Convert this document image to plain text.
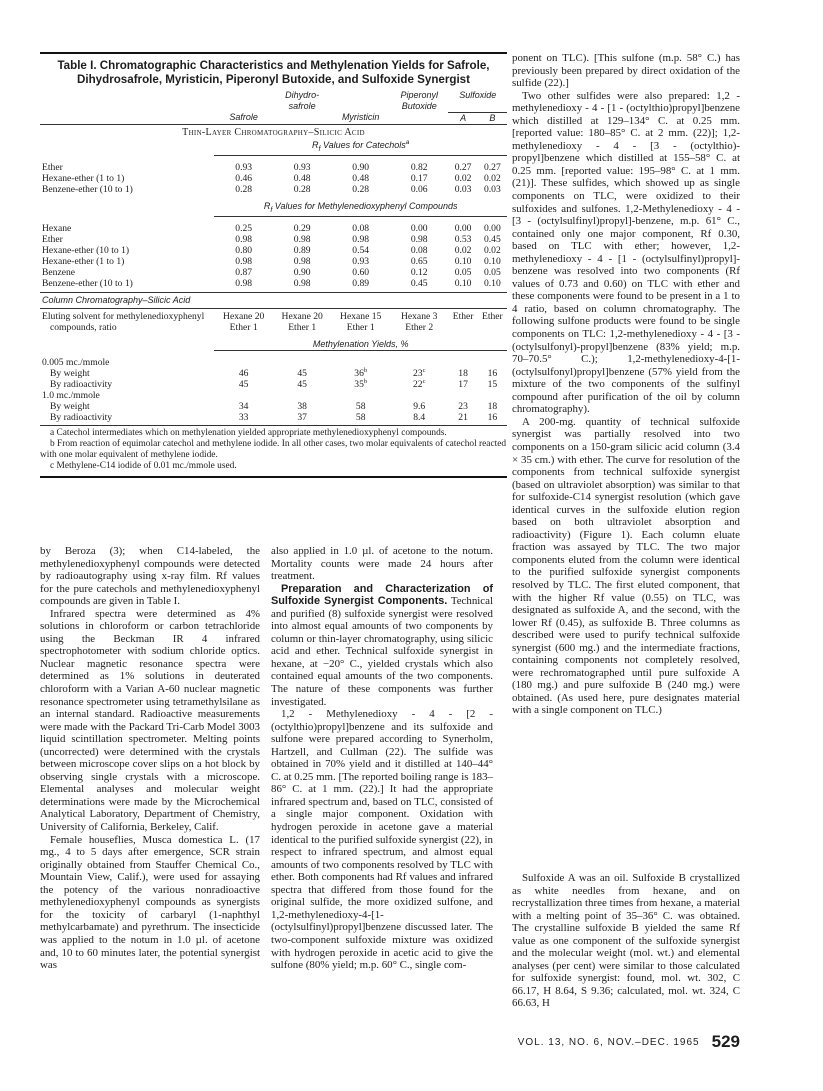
Table I. Chromatographic Characteristics and Methylenation Yields for Safrole, Dihydrosafrole, Myristicin, Piperonyl Butoxide, and Sulfoxide Synergist
		Dihydro- safrole		Piperonyl Butoxide	Sulfoxide	
	Safrole		Myristicin		A	B
Thin-Layer Chromatography–Silicic Acid						
	$R_f$ Values for Catechols$^a$

Ether	0.93	0.93	0.90	0.82	0.27	0.27
Hexane-ether (1 to 1)	0.46	0.48	0.48	0.17	0.02	0.02
Benzene-ether (10 to 1)	0.28	0.28	0.28	0.06	0.03	0.03

	$R_f$ Values for Methylenedioxyphenyl Compounds					

Hexane	0.25	0.29	0.08	0.00	0.00	0.00
Ether	0.98	0.98	0.98	0.98	0.53	0.45
Hexane-ether (10 to 1)	0.80	0.89	0.54	0.08	0.02	0.02
Hexane-ether (1 to 1)	0.98	0.98	0.93	0.65	0.10	0.10
Benzene	0.87	0.90	0.60	0.12	0.05	0.05
Benzene-ether (10 to 1)	0.98	0.98	0.89	0.45	0.10	0.10

Column Chromatography–Silicic Acid						
Eluting solvent for methylenedioxyphenyl compounds, ratio	Hexane 20 Ether 1	Hexane 20 Ether 1	Hexane 15 Ether 1	Hexane 3 Ether 2	Ether	Ether

	Methylenation Yields, %					

0.005 mc./mmole						
By weight	46	45	36$^b$	23$^c$	18	16
By radioactivity	45	45	35$^b$	22$^c$	17	15
1.0 mc./mmole						
By weight	34	38	58	9.6	23	18
By radioactivity	33	37	58	8.4	21	16

a Catechol intermediates which on methylenation yielded appropriate methylenedioxyphenyl compounds.

b From reaction of equimolar catechol and methylene iodide. In all other cases, two molar equivalents of catechol reacted with one molar equivalent of methylene iodide.

c Methylene-C14 iodide of 0.01 mc./mmole used.

by Beroza (3); when C14-labeled, the methylenedioxyphenyl compounds were detected by radioautography using x-ray film. Rf values for the pure catechols and methylenedioxyphenyl compounds are given in Table I.

Infrared spectra were determined as 4% solutions in chloroform or carbon tetrachloride using the Beckman IR 4 infrared spectrophotometer with sodium chloride optics. Nuclear magnetic resonance spectra were determined as 1% solutions in deuterated chloroform with a Varian A-60 nuclear magnetic resonance spectrometer using tetramethylsilane as an internal standard. Radioactive measurements were made with the Packard Tri-Carb Model 3003 liquid scintillation spectrometer. Melting points (uncorrected) were determined with the crystals between microscope cover slips on a hot block by observing single crystals with a microscope. Elemental analyses and molecular weight determinations were made by the Microchemical Analytical Laboratory, Department of Chemistry, University of California, Berkeley, Calif.

Female houseflies, Musca domestica L. (17 mg., 4 to 5 days after emergence, SCR strain originally obtained from Stauffer Chemical Co., Mountain View, Calif.), were used for assaying the potency of the various nonradioactive methylenedioxyphenyl compounds as synergists for the toxicity of carbaryl (1-naphthyl methylcarbamate) and pyrethrum. The insecticide was applied to the notum in 1.0 µl. of acetone and, 10 to 60 minutes later, the potential synergist was

also applied in 1.0 µl. of acetone to the notum. Mortality counts were made 24 hours after treatment.

Preparation and Characterization of Sulfoxide Synergist Components. Technical and purified (8) sulfoxide synergist were resolved into almost equal amounts of two components by column or thin-layer chromatography, using silicic acid and ether. Technical sulfoxide synergist in hexane, at −20° C., yielded crystals which also contained equal amounts of the two components. The nature of these components was further investigated.

1,2 - Methylenedioxy - 4 - [2 - (octylthio)propyl]benzene and its sulfoxide and sulfone were prepared according to Synerholm, Hartzell, and Cullman (22). The sulfide was obtained in 70% yield and it distilled at 140–44° C. at 0.25 mm. [The reported boiling range is 183–86° C. at 1 mm. (22).] It had the appropriate infrared spectrum and, based on TLC, consisted of a single major component. Oxidation with hydrogen peroxide in acetone gave a material identical to the purified sulfoxide synergist (22), in respect to infrared spectrum, and almost equal amounts of two components resolved by TLC with ether. Both components had Rf values and infrared spectra that differed from those found for the original sulfide, the more oxidized sulfone, and 1,2-methylenedioxy-4-[1-(octylsulfinyl)propyl]benzene discussed later. The two-component sulfoxide mixture was oxidized with hydrogen peroxide in acetic acid to give the sulfone (80% yield; m.p. 60° C., single com-

ponent on TLC). [This sulfone (m.p. 58° C.) has previously been prepared by direct oxidation of the sulfide (22).]

Two other sulfides were also prepared: 1,2 - methylenedioxy - 4 - [1 - (octylthio)propyl]benzene which distilled at 129–134° C. at 0.25 mm. [reported value: 180–85° C. at 2 mm. (22)]; 1,2-methylenedioxy - 4 - [3 - (octylthio)-propyl]benzene which distilled at 155–58° C. at 0.25 mm. [reported value: 195–98° C. at 1 mm. (21)]. These sulfides, which showed up as single components on TLC, were oxidized to their sulfoxides and sulfones. 1,2-Methylenedioxy - 4 - [3 - (octylsulfinyl)propyl]-benzene, m.p. 61° C., contained only one major component, Rf 0.30, based on TLC with ether; however, 1,2-methylenedioxy - 4 - [1 - (octylsulfinyl)propyl]-benzene was resolved into two components (Rf values of 0.73 and 0.60) on TLC with ether and these components were found to be present in a 1 to 4 ratio, based on column chromatography. The following sulfone products were found to be single components on TLC: 1,2-methylenedioxy - 4 - [3 - (octylsulfonyl)-propyl]benzene (83% yield; m.p. 70–70.5° C.); 1,2-methylenedioxy-4-[1-(octylsulfonyl)propyl]benzene (57% yield from the mixture of the two components of the sulfinyl compound after purification of the oil by column chromatography).

A 200-mg. quantity of technical sulfoxide synergist was partially resolved into two components on a 150-gram silicic acid column (3.4 × 35 cm.) with ether. The curve for resolution of the components from technical sulfoxide synergist (based on ultraviolet absorption) was similar to that for sulfoxide-C14 synergist resolution (which gave identical curves in the sulfoxide elution region based on both ultraviolet absorption and radioactivity) (Figure 1). Each column eluate fraction was assayed by TLC. The two major components eluted from the column were identical to the purified sulfoxide synergist components resolved by TLC. The first eluted component, that with the higher Rf value (0.55) on TLC, was designated as sulfoxide A, and the second, with the lower Rf (0.45), as sulfoxide B. Three columns as described were used to purify technical sulfoxide synergist (600 mg.) and the intermediate fractions, containing components not completely resolved, were rechromatographed until pure sulfoxide A (180 mg.) and pure sulfoxide B (240 mg.) were obtained. (As used here, pure designates material with a single component on TLC.)

Sulfoxide A was an oil. Sulfoxide B crystallized as white needles from hexane, and on recrystallization three times from hexane, a material with a melting point of 35–36° C. was obtained. The crystalline sulfoxide B yielded the same Rf value as one component of the sulfoxide synergist and the molecular weight (mol. wt.) and elemental analyses (per cent) were similar to those calculated for sulfoxide synergist: found, mol. wt. 302, C 66.17, H 8.64, S 9.36; calculated, mol. wt. 324, C 66.63, H

VOL. 13, NO. 6, NOV.–DEC. 1965 529
